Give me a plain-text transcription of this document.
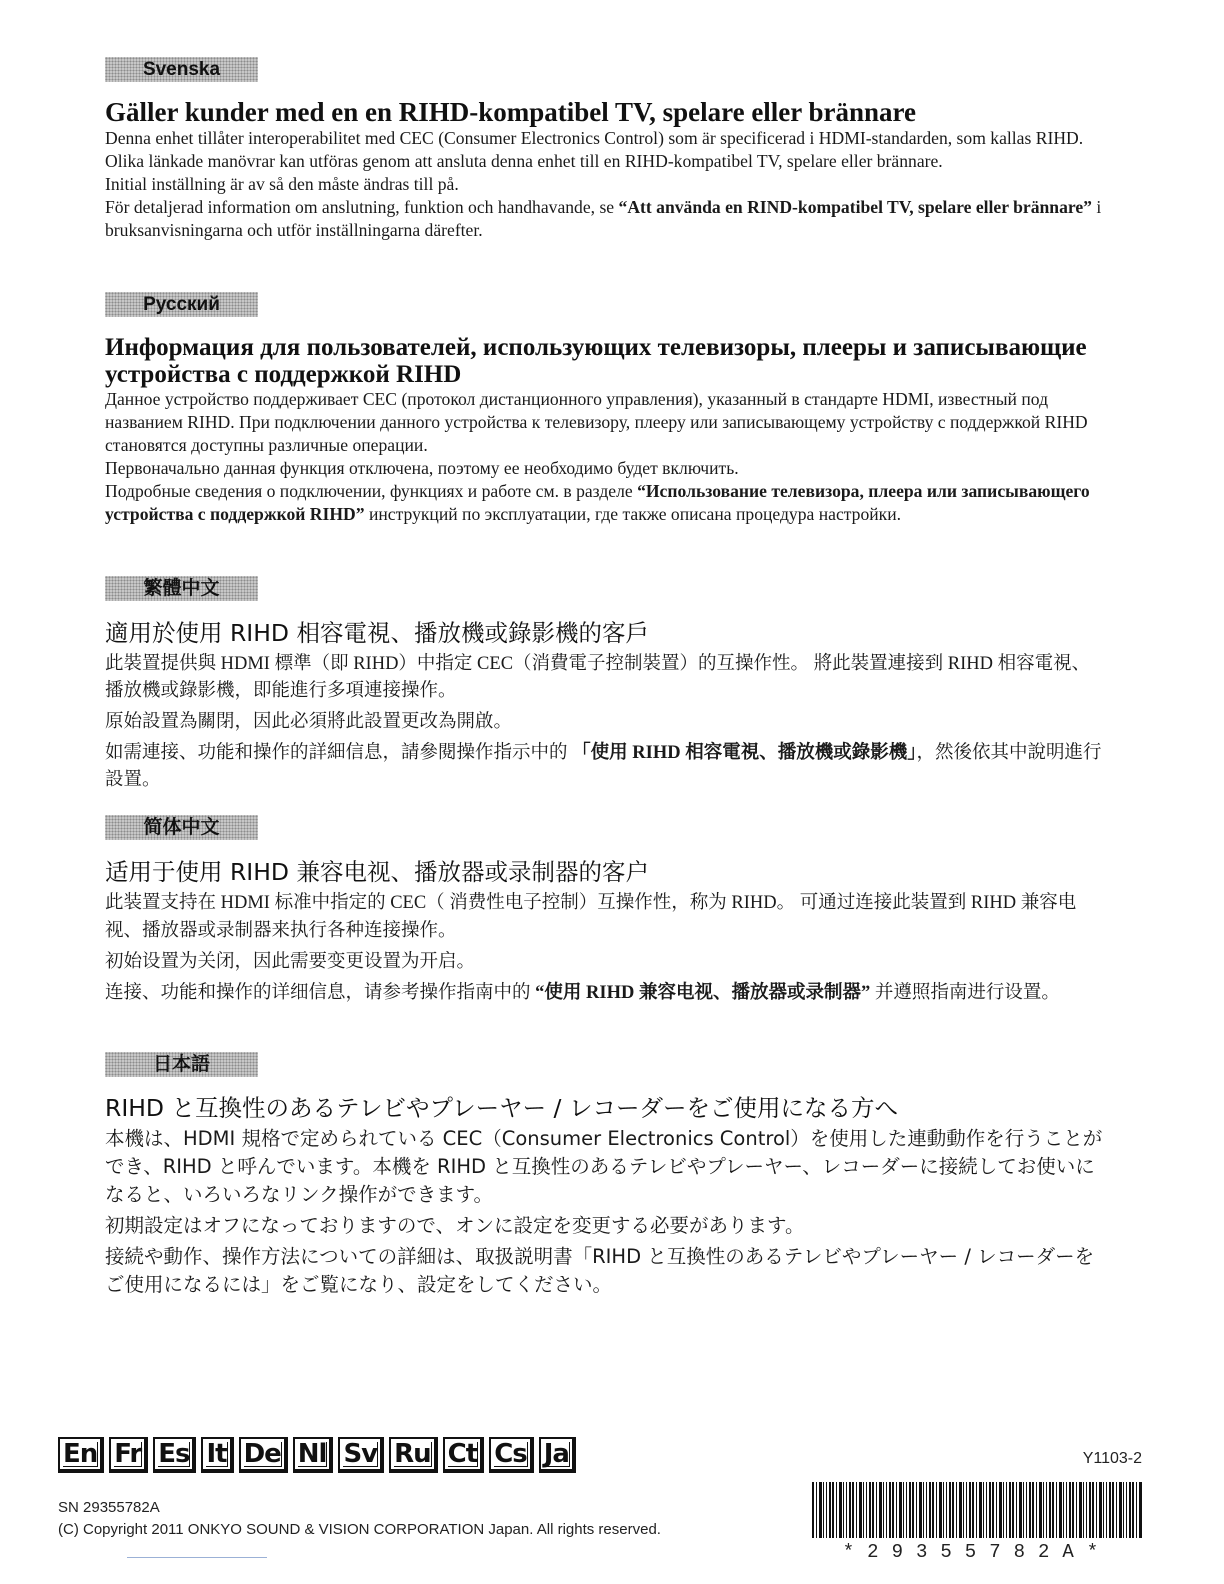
Svenska
Gäller kunder med en en RIHD-kompatibel TV, spelare eller brännare

Denna enhet tillåter interoperabilitet med CEC (Consumer Electronics Control) som är specificerad i HDMI-standarden, som kallas RIHD. Olika länkade manövrar kan utföras genom att ansluta denna enhet till en RIHD-kompatibel TV, spelare eller brännare.

Initial inställning är av så den måste ändras till på.

För detaljerad information om anslutning, funktion och handhavande, se “Att använda en RIND-kompatibel TV, spelare eller brännare” i bruksanvisningarna och utför inställningarna därefter.

Русский
Информация для пользователей, использующих телевизоры, плееры и записывающие устройства с поддержкой RIHD

Данное устройство поддерживает CEC (протокол дистанционного управления), указанный в стандарте HDMI, известный под названием RIHD. При подключении данного устройства к телевизору, плееру или записывающему устройству с поддержкой RIHD становятся доступны различные операции.

Первоначально данная функция отключена, поэтому ее необходимо будет включить.

Подробные сведения о подключении, функциях и работе см. в разделе “Использование телевизора, плеера или записывающего устройства с поддержкой RIHD” инструкций по эксплуатации, где также описана процедура настройки.

繁體中文
適用於使用 RIHD 相容電視、播放機或錄影機的客戶

此裝置提供與 HDMI 標準（即 RIHD）中指定 CEC（消費電子控制裝置）的互操作性。 將此裝置連接到 RIHD 相容電視、播放機或錄影機，即能進行多項連接操作。

原始設置為關閉，因此必須將此設置更改為開啟。

如需連接、功能和操作的詳細信息，請參閱操作指示中的 「使用 RIHD 相容電視、播放機或錄影機」，然後依其中說明進行設置。

简体中文
适用于使用 RIHD 兼容电视、播放器或录制器的客户

此装置支持在 HDMI 标准中指定的 CEC（ 消费性电子控制）互操作性，称为 RIHD。 可通过连接此装置到 RIHD 兼容电视、播放器或录制器来执行各种连接操作。

初始设置为关闭，因此需要变更设置为开启。

连接、功能和操作的详细信息，请参考操作指南中的 “使用 RIHD 兼容电视、播放器或录制器” 并遵照指南进行设置。

日本語
RIHD と互換性のあるテレビやプレーヤー / レコーダーをご使用になる方へ

本機は、HDMI 規格で定められている CEC（Consumer Electronics Control）を使用した連動動作を行うことができ、RIHD と呼んでいます。本機を RIHD と互換性のあるテレビやプレーヤー、レコーダーに接続してお使いになると、いろいろなリンク操作ができます。

初期設定はオフになっておりますので、オンに設定を変更する必要があります。

接続や動作、操作方法についての詳細は、取扱説明書「RIHD と互換性のあるテレビやプレーヤー / レコーダーをご使用になるには」をご覧になり、設定をしてください。

En Fr Es It De Nl Sv Ru Ct Cs Ja	Y1103-2
SN 29355782A
(C) Copyright 2011 ONKYO SOUND & VISION CORPORATION Japan. All rights reserved.
*29355782A*
